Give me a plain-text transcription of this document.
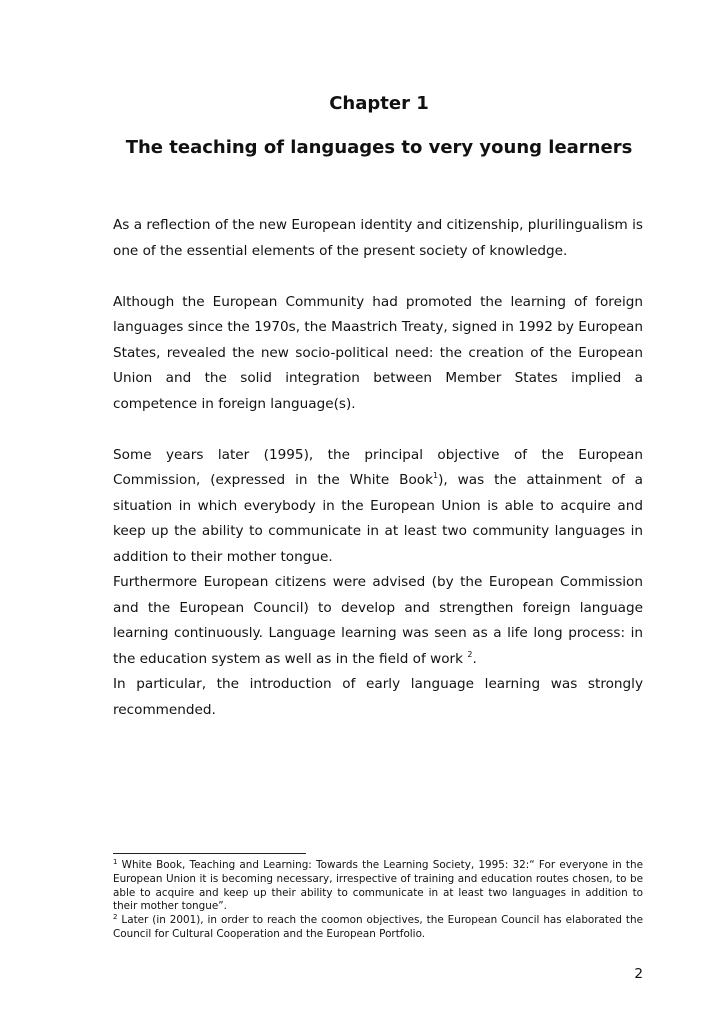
Chapter 1
The teaching of languages to very young learners

As a reflection of the new European identity and citizenship, plurilingualism is one of the essential elements of the present society of knowledge.

Although the European Community had promoted the learning of foreign languages since the 1970s, the Maastrich Treaty, signed in 1992 by European States, revealed the new socio-political need: the creation of the European Union and the solid integration between Member States implied a competence in foreign language(s).

Some years later (1995), the principal objective of the European Commission, (expressed in the White Book$^1$), was the attainment of a situation in which everybody in the European Union is able to acquire and keep up the ability to communicate in at least two community languages in addition to their mother tongue.

Furthermore European citizens were advised (by the European Commission and the European Council) to develop and strengthen foreign language learning continuously. Language learning was seen as a life long process: in the education system as well as in the field of work $^2$.

In particular, the introduction of early language learning was strongly recommended.

$^1$ White Book, Teaching and Learning: Towards the Learning Society, 1995: 32:“ For everyone in the European Union it is becoming necessary, irrespective of training and education routes chosen, to be able to acquire and keep up their ability to communicate in at least two languages in addition to their mother tongue”.

$^2$ Later (in 2001), in order to reach the coomon objectives, the European Council has elaborated the Council for Cultural Cooperation and the European Portfolio.

2
